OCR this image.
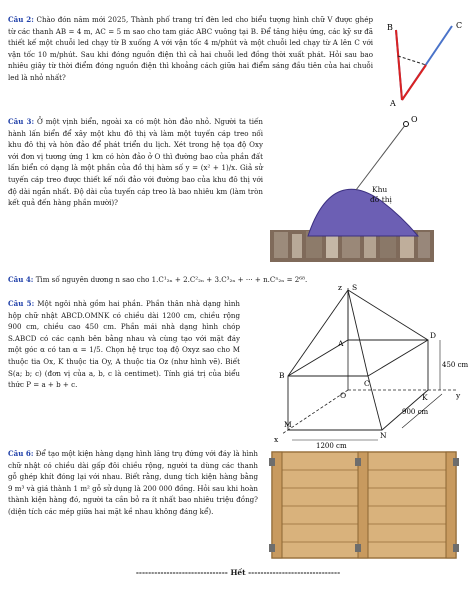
Câu 2: Chào đón năm mới 2025, Thành phố trang trí đèn led cho biểu tượng hình chữ V được ghép từ các thanh AB = 4 m, AC = 5 m sao cho tam giác ABC vuông tại B. Để tăng hiệu ứng, các kỹ sư đã thiết kế một chuỗi led chạy từ B xuống A với vận tốc 4 m/phút và một chuỗi led chạy từ A lên C với vận tốc 10 m/phút. Sau khi đóng nguồn điện thì cả hai chuỗi led đồng thời xuất phát. Hỏi sau bao nhiêu giây từ thời điểm đóng nguồn điện thì khoảng cách giữa hai điểm sáng đầu tiên của hai chuỗi led là nhỏ nhất?
B	C
A
Câu 3: Ở một vịnh biển, ngoài xa có một hòn đảo nhỏ. Người ta tiến hành lấn biển để xây một khu đô thị và làm một tuyến cáp treo nối khu đô thị và hòn đảo để phát triển du lịch. Xét trong hệ tọa độ Oxy với đơn vị tương ứng 1 km có hòn đảo ở O thì đường bao của phần đất lấn biển có dạng là một phần của đồ thị hàm số y = (x² + 1)/x. Giả sử tuyến cáp treo được thiết kế nối đảo với đường bao của khu đô thị với độ dài ngắn nhất. Độ dài của tuyến cáp treo là bao nhiêu km (làm tròn kết quả đến hàng phần mười)?
Khu
đô thị
O
Câu 4: Tìm số nguyên dương n sao cho 1.C¹₂ₙ + 2.C²₂ₙ + 3.C³₂ₙ + ··· + n.Cⁿ₂ₙ = 2⁶⁸.
Câu 5: Một ngôi nhà gồm hai phần. Phần thân nhà dạng hình hộp chữ nhật ABCD.OMNK có chiều dài 1200 cm, chiều rộng 900 cm, chiều cao 450 cm. Phần mái nhà dạng hình chóp S.ABCD có các cạnh bên bằng nhau và cùng tạo với mặt đáy một góc α có tan α = 1/5. Chọn hệ trục toạ độ Oxyz sao cho M thuộc tia Ox, K thuộc tia Oy, A thuộc tia Oz (như hình vẽ). Biết S(a; b; c) (đơn vị của a, b, c là centimet). Tính giá trị của biểu thức P = a + b + c.
z S
A
D
B
C
O	K	y
M
N
x
450 cm
900 cm
1200 cm
Câu 6: Để tạo một kiện hàng dạng hình lăng trụ đứng với đáy là hình chữ nhật có chiều dài gấp đôi chiều rộng, người ta dùng các thanh gỗ ghép khít đóng lại với nhau. Biết rằng, dung tích kiện hàng bằng 9 m³ và giá thành 1 m² gỗ sử dụng là 200 000 đồng. Hỏi sau khi hoàn thành kiện hàng đó, người ta cần bỏ ra ít nhất bao nhiêu triệu đồng? (diện tích các mép giữa hai mặt kề nhau không đáng kể).
------------------------------ Hết ------------------------------
